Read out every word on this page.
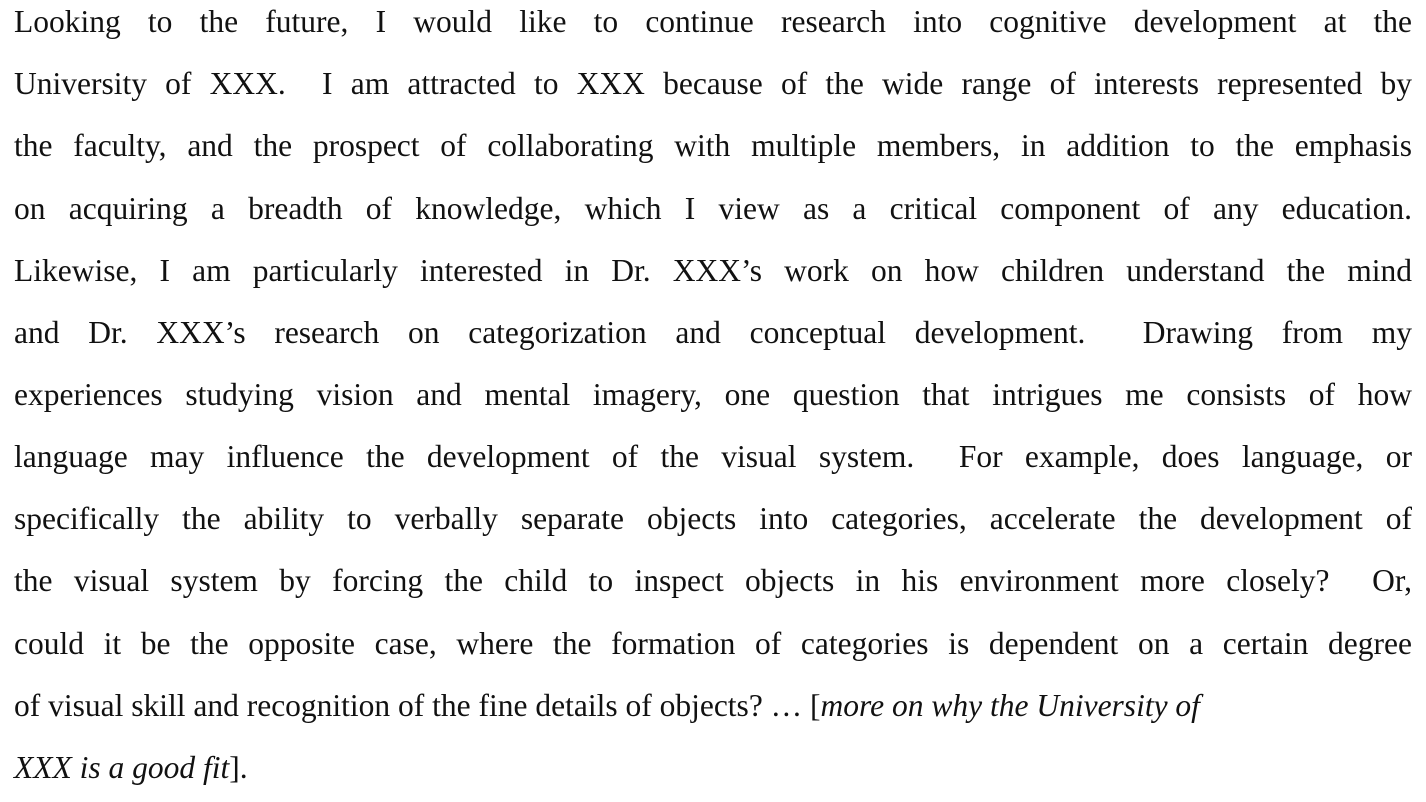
Looking to the future, I would like to continue research into cognitive development at the
University of XXX.  I am attracted to XXX because of the wide range of interests represented by
the faculty, and the prospect of collaborating with multiple members, in addition to the emphasis
on acquiring a breadth of knowledge, which I view as a critical component of any education.
Likewise, I am particularly interested in Dr. XXX’s work on how children understand the mind
and Dr. XXX’s research on categorization and conceptual development.  Drawing from my
experiences studying vision and mental imagery, one question that intrigues me consists of how
language may influence the development of the visual system.  For example, does language, or
specifically the ability to verbally separate objects into categories, accelerate the development of
the visual system by forcing the child to inspect objects in his environment more closely?  Or,
could it be the opposite case, where the formation of categories is dependent on a certain degree
of visual skill and recognition of the fine details of objects? … [more on why the University of
XXX is a good fit].
